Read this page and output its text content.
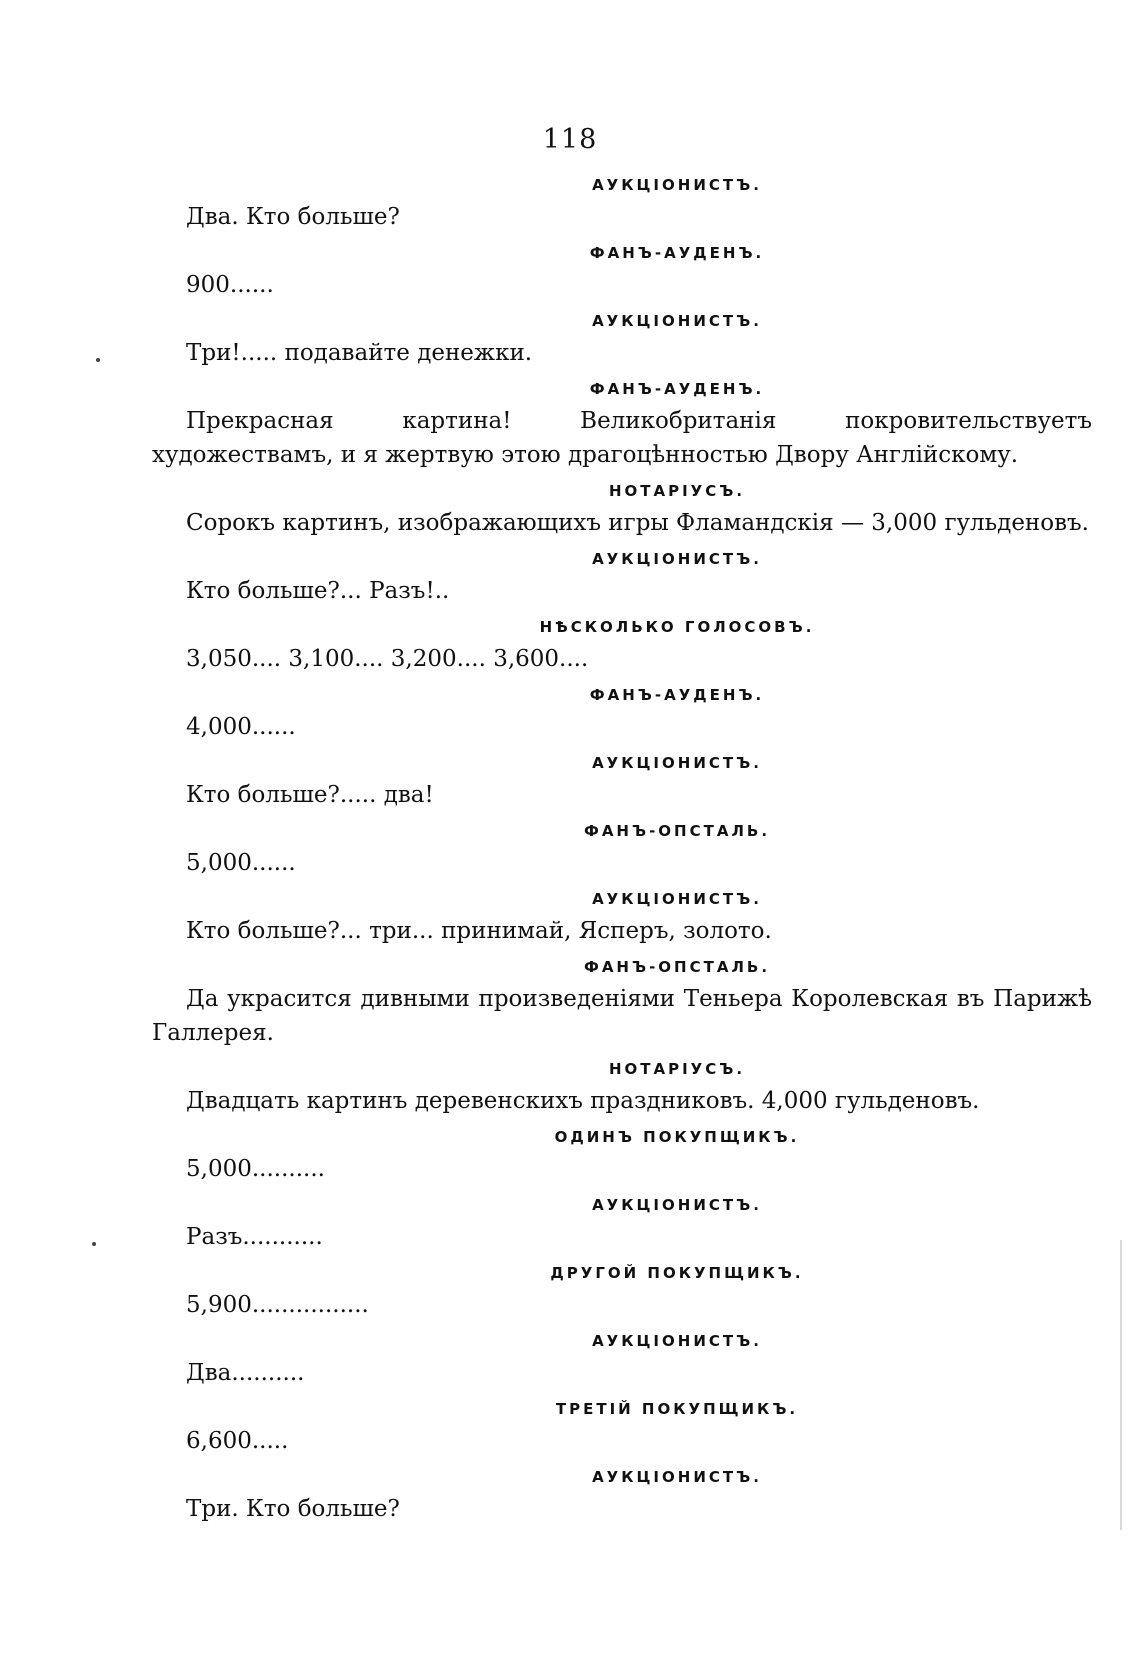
118
АУКЦІОНИСТЪ.
Два. Кто больше?
ФАНЪ-АУДЕНЪ.
900......
АУКЦІОНИСТЪ.
Три!..... подавайте денежки.
ФАНЪ-АУДЕНЪ.
Прекрасная картина! Великобританія покровительствуетъ художествамъ, и я жертвую этою драгоцѣнностью Двору Англійскому.
НОТАРІУСЪ.
Сорокъ картинъ, изображающихъ игры Фламандскія — 3,000 гульденовъ.
АУКЦІОНИСТЪ.
Кто больше?... Разъ!..
НѢСКОЛЬКО ГОЛОСОВЪ.
3,050.... 3,100.... 3,200.... 3,600....
ФАНЪ-АУДЕНЪ.
4,000......
АУКЦІОНИСТЪ.
Кто больше?..... два!
ФАНЪ-ОПСТАЛЬ.
5,000......
АУКЦІОНИСТЪ.
Кто больше?... три... принимай, Ясперъ, золото.
ФАНЪ-ОПСТАЛЬ.
Да украсится дивными произведеніями Теньера Королевская въ Парижѣ Галлерея.
НОТАРІУСЪ.
Двадцать картинъ деревенскихъ праздниковъ. 4,000 гульденовъ.
ОДИНЪ ПОКУПЩИКЪ.
5,000..........
АУКЦІОНИСТЪ.
Разъ...........
ДРУГОЙ ПОКУПЩИКЪ.
5,900................
АУКЦІОНИСТЪ.
Два..........
ТРЕТІЙ ПОКУПЩИКЪ.
6,600.....
АУКЦІОНИСТЪ.
Три. Кто больше?
